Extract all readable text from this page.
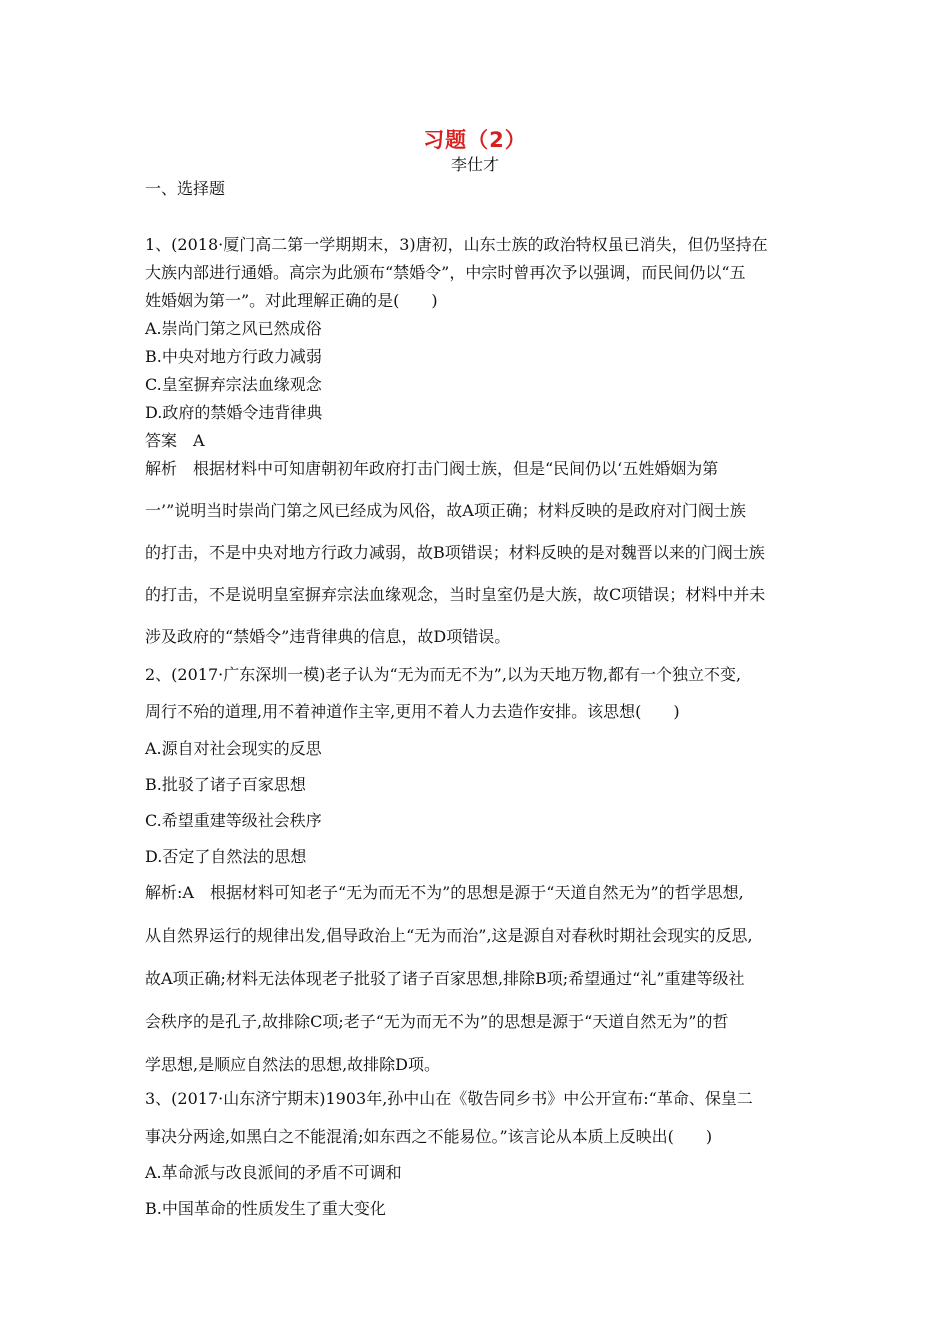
习题（2）
李仕才
一、选择题
1、(2018·厦门高二第一学期期末，3)唐初，山东士族的政治特权虽已消失，但仍坚持在
大族内部进行通婚。高宗为此颁布“禁婚令”，中宗时曾再次予以强调，而民间仍以“五
姓婚姻为第一”。对此理解正确的是(　　)
A.崇尚门第之风已然成俗
B.中央对地方行政力减弱
C.皇室摒弃宗法血缘观念
D.政府的禁婚令违背律典
答案　A
解析　根据材料中可知唐朝初年政府打击门阀士族，但是“民间仍以‘五姓婚姻为第
一’”说明当时崇尚门第之风已经成为风俗，故A项正确；材料反映的是政府对门阀士族
的打击，不是中央对地方行政力减弱，故B项错误；材料反映的是对魏晋以来的门阀士族
的打击，不是说明皇室摒弃宗法血缘观念，当时皇室仍是大族，故C项错误；材料中并未
涉及政府的“禁婚令”违背律典的信息，故D项错误。
2、(2017·广东深圳一模)老子认为“无为而无不为”,以为天地万物,都有一个独立不变,
周行不殆的道理,用不着神道作主宰,更用不着人力去造作安排。该思想(　　)
A.源自对社会现实的反思
B.批驳了诸子百家思想
C.希望重建等级社会秩序
D.否定了自然法的思想
解析:A　根据材料可知老子“无为而无不为”的思想是源于“天道自然无为”的哲学思想,
从自然界运行的规律出发,倡导政治上“无为而治”,这是源自对春秋时期社会现实的反思,
故A项正确;材料无法体现老子批驳了诸子百家思想,排除B项;希望通过“礼”重建等级社
会秩序的是孔子,故排除C项;老子“无为而无不为”的思想是源于“天道自然无为”的哲
学思想,是顺应自然法的思想,故排除D项。
3、(2017·山东济宁期末)1903年,孙中山在《敬告同乡书》中公开宣布:“革命、保皇二
事决分两途,如黑白之不能混淆;如东西之不能易位。”该言论从本质上反映出(　　)
A.革命派与改良派间的矛盾不可调和
B.中国革命的性质发生了重大变化
